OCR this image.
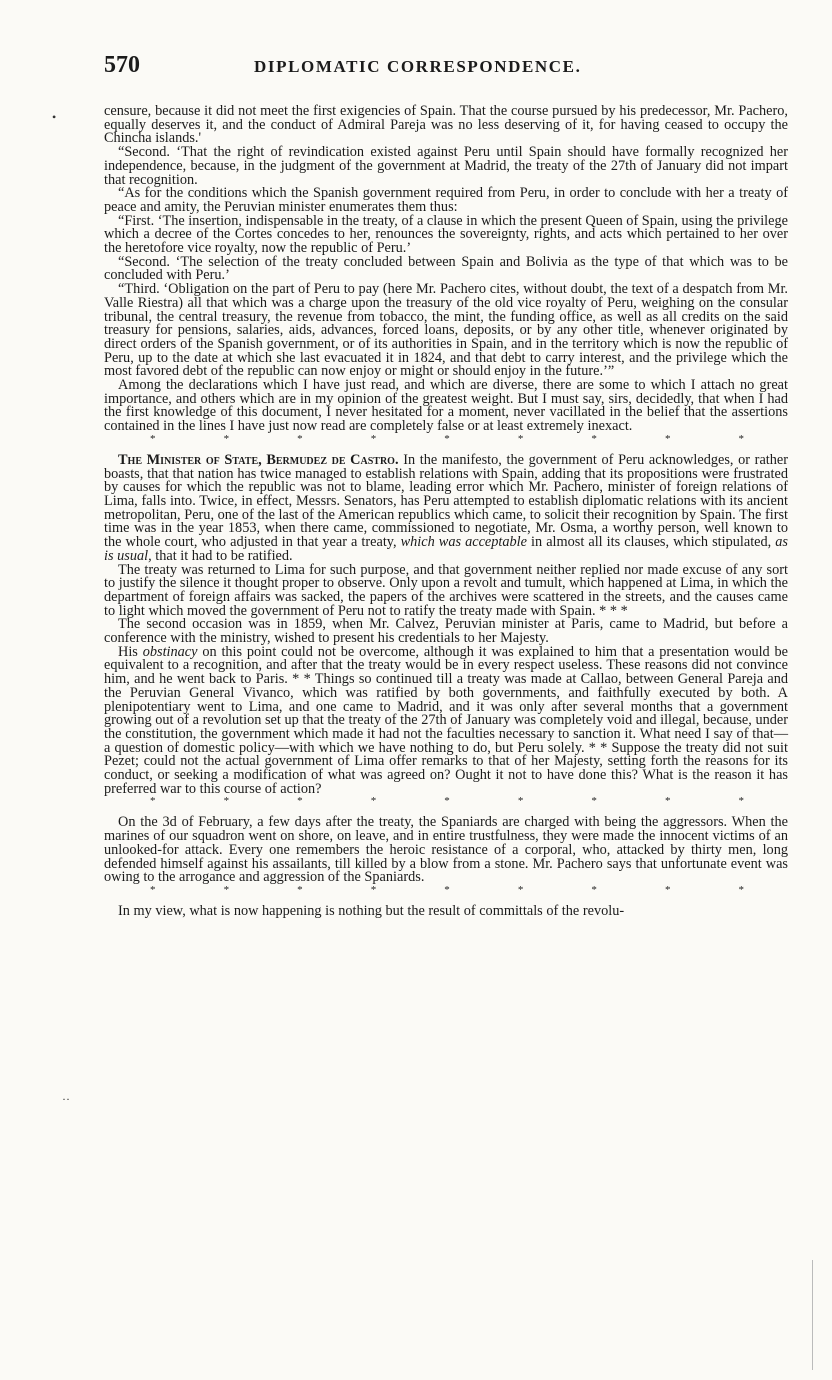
•
··
570	DIPLOMATIC CORRESPONDENCE.

censure, because it did not meet the first exigencies of Spain. That the course pursued by his predecessor, Mr. Pachero, equally deserves it, and the conduct of Admiral Pareja was no less deserving of it, for having ceased to occupy the Chincha islands.'

“Second. ‘That the right of revindication existed against Peru until Spain should have formally recognized her independence, because, in the judgment of the government at Madrid, the treaty of the 27th of January did not impart that recognition.

“As for the conditions which the Spanish government required from Peru, in order to conclude with her a treaty of peace and amity, the Peruvian minister enumerates them thus:

“First. ‘The insertion, indispensable in the treaty, of a clause in which the present Queen of Spain, using the privilege which a decree of the Cortes concedes to her, renounces the sovereignty, rights, and acts which pertained to her over the heretofore vice royalty, now the republic of Peru.’

“Second. ‘The selection of the treaty concluded between Spain and Bolivia as the type of that which was to be concluded with Peru.’

“Third. ‘Obligation on the part of Peru to pay (here Mr. Pachero cites, without doubt, the text of a despatch from Mr. Valle Riestra) all that which was a charge upon the treasury of the old vice royalty of Peru, weighing on the consular tribunal, the central treasury, the revenue from tobacco, the mint, the funding office, as well as all credits on the said treasury for pensions, salaries, aids, advances, forced loans, deposits, or by any other title, whenever originated by direct orders of the Spanish government, or of its authorities in Spain, and in the territory which is now the republic of Peru, up to the date at which she last evacuated it in 1824, and that debt to carry interest, and the privilege which the most favored debt of the republic can now enjoy or might or should enjoy in the future.’”

Among the declarations which I have just read, and which are diverse, there are some to which I attach no great importance, and others which are in my opinion of the greatest weight. But I must say, sirs, decidedly, that when I had the first knowledge of this document, I never hesitated for a moment, never vacillated in the belief that the assertions contained in the lines I have just now read are completely false or at least extremely inexact.

*	*	*	*	*	*	*	*	*

The Minister of State, Bermudez de Castro. In the manifesto, the government of Peru acknowledges, or rather boasts, that that nation has twice managed to establish relations with Spain, adding that its propositions were frustrated by causes for which the republic was not to blame, leading error which Mr. Pachero, minister of foreign relations of Lima, falls into. Twice, in effect, Messrs. Senators, has Peru attempted to establish diplomatic relations with its ancient metropolitan, Peru, one of the last of the American republics which came, to solicit their recognition by Spain. The first time was in the year 1853, when there came, commissioned to negotiate, Mr. Osma, a worthy person, well known to the whole court, who adjusted in that year a treaty, which was acceptable in almost all its clauses, which stipulated, as is usual, that it had to be ratified.

The treaty was returned to Lima for such purpose, and that government neither replied nor made excuse of any sort to justify the silence it thought proper to observe. Only upon a revolt and tumult, which happened at Lima, in which the department of foreign affairs was sacked, the papers of the archives were scattered in the streets, and the causes came to light which moved the government of Peru not to ratify the treaty made with Spain. * * *

The second occasion was in 1859, when Mr. Calvez, Peruvian minister at Paris, came to Madrid, but before a conference with the ministry, wished to present his credentials to her Majesty.

His obstinacy on this point could not be overcome, although it was explained to him that a presentation would be equivalent to a recognition, and after that the treaty would be in every respect useless. These reasons did not convince him, and he went back to Paris. * * Things so continued till a treaty was made at Callao, between General Pareja and the Peruvian General Vivanco, which was ratified by both governments, and faithfully executed by both. A plenipotentiary went to Lima, and one came to Madrid, and it was only after several months that a government growing out of a revolution set up that the treaty of the 27th of January was completely void and illegal, because, under the constitution, the government which made it had not the faculties necessary to sanction it. What need I say of that—a question of domestic policy—with which we have nothing to do, but Peru solely. * * Suppose the treaty did not suit Pezet; could not the actual government of Lima offer remarks to that of her Majesty, setting forth the reasons for its conduct, or seeking a modification of what was agreed on? Ought it not to have done this? What is the reason it has preferred war to this course of action?

*	*	*	*	*	*	*	*	*

On the 3d of February, a few days after the treaty, the Spaniards are charged with being the aggressors. When the marines of our squadron went on shore, on leave, and in entire trustfulness, they were made the innocent victims of an unlooked-for attack. Every one remembers the heroic resistance of a corporal, who, attacked by thirty men, long defended himself against his assailants, till killed by a blow from a stone. Mr. Pachero says that unfortunate event was owing to the arrogance and aggression of the Spaniards.

*	*	*	*	*	*	*	*	*

In my view, what is now happening is nothing but the result of committals of the revolu-
